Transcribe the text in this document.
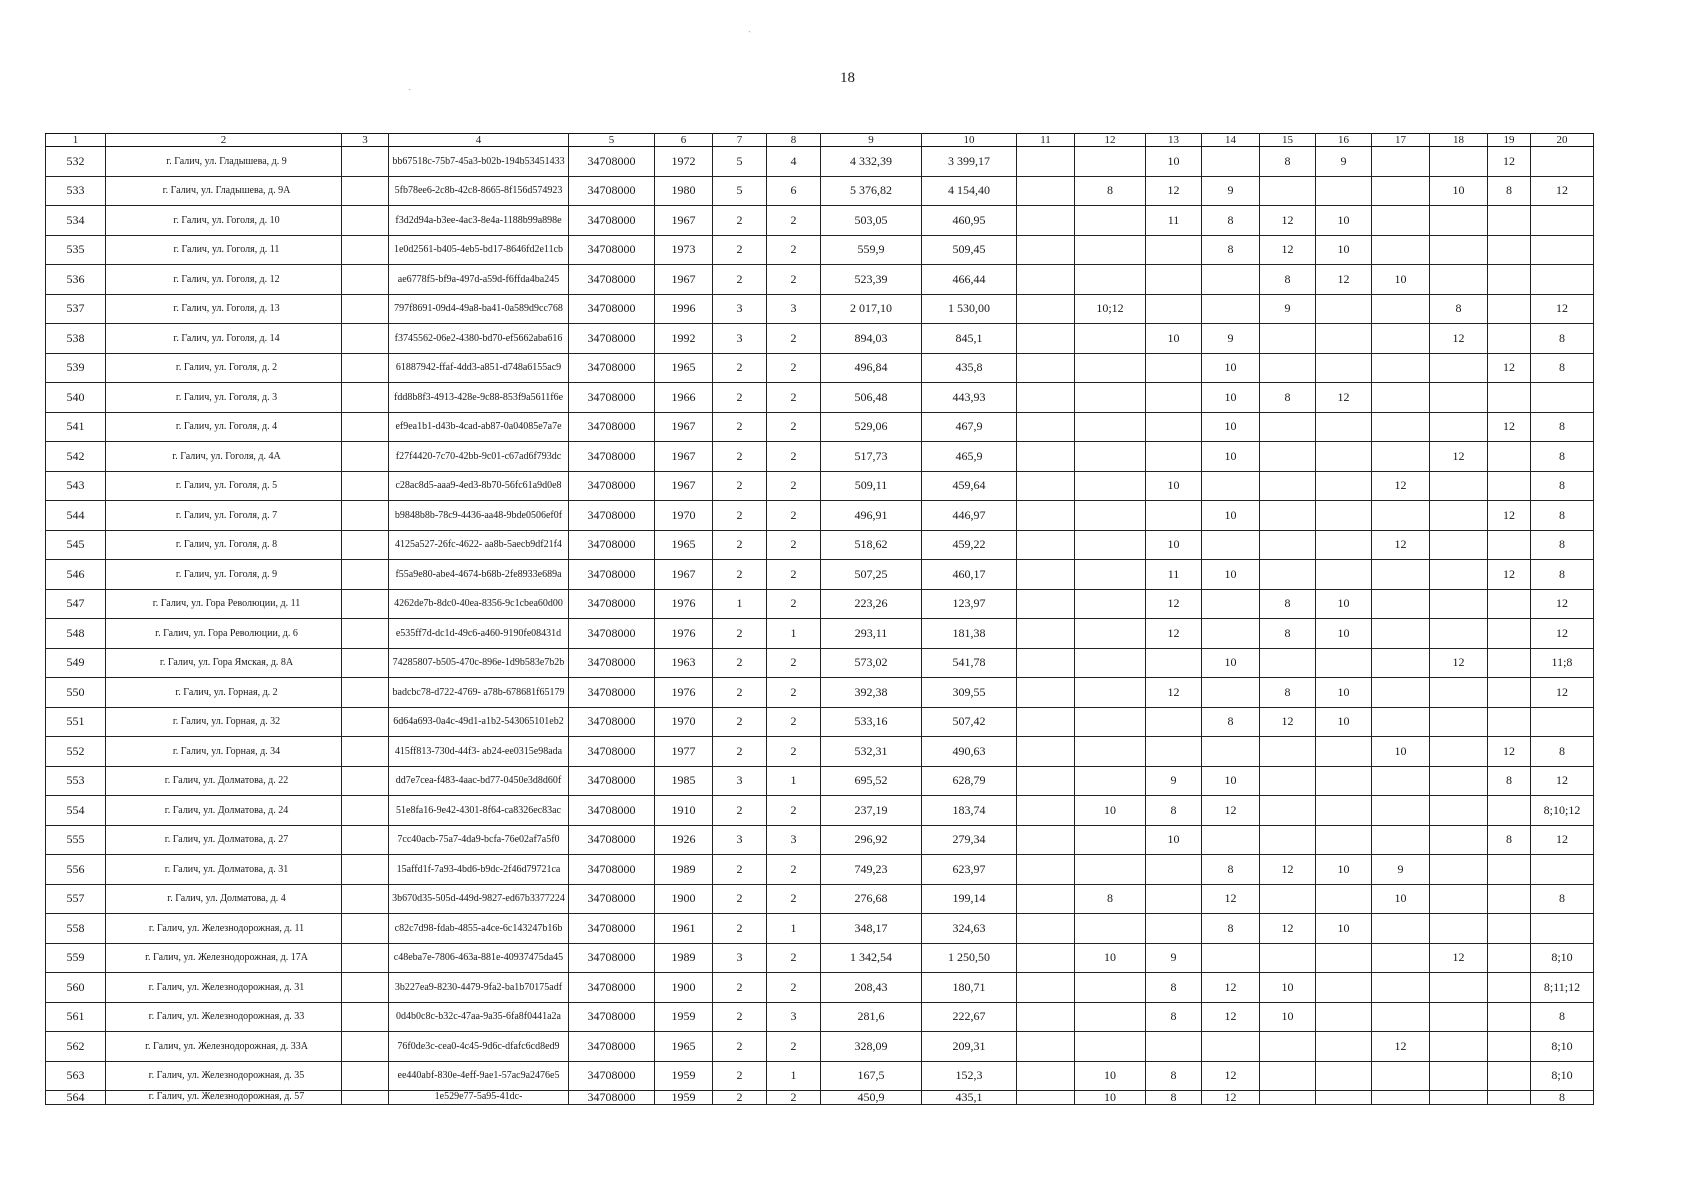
18
ˎ
ˎ
1	2	3	4	5	6	7	8	9	10	11	12	13	14	15	16	17	18	19	20
532	г. Галич, ул. Гладышева, д. 9		bb67518c-75b7-45a3-b02b-194b53451433	34708000	1972	5	4	4 332,39	3 399,17			10		8	9			12	
533	г. Галич, ул. Гладышева, д. 9А		5fb78ee6-2c8b-42c8-8665-8f156d574923	34708000	1980	5	6	5 376,82	4 154,40		8	12	9				10	8	12
534	г. Галич, ул. Гоголя, д. 10		f3d2d94a-b3ee-4ac3-8e4a-1188b99a898e	34708000	1967	2	2	503,05	460,95			11	8	12	10				
535	г. Галич, ул. Гоголя, д. 11		1e0d2561-b405-4eb5-bd17-8646fd2e11cb	34708000	1973	2	2	559,9	509,45				8	12	10				
536	г. Галич, ул. Гоголя, д. 12		ae6778f5-bf9a-497d-a59d-f6ffda4ba245	34708000	1967	2	2	523,39	466,44					8	12	10			
537	г. Галич, ул. Гоголя, д. 13		797f8691-09d4-49a8-ba41-0a589d9cc768	34708000	1996	3	3	2 017,10	1 530,00		10;12			9			8		12
538	г. Галич, ул. Гоголя, д. 14		f3745562-06e2-4380-bd70-ef5662aba616	34708000	1992	3	2	894,03	845,1			10	9				12		8
539	г. Галич, ул. Гоголя, д. 2		61887942-ffaf-4dd3-a851-d748a6155ac9	34708000	1965	2	2	496,84	435,8				10					12	8
540	г. Галич, ул. Гоголя, д. 3		fdd8b8f3-4913-428e-9c88-853f9a5611f6e	34708000	1966	2	2	506,48	443,93				10	8	12				
541	г. Галич, ул. Гоголя, д. 4		ef9ea1b1-d43b-4cad-ab87-0a04085e7a7e	34708000	1967	2	2	529,06	467,9				10					12	8
542	г. Галич, ул. Гоголя, д. 4А		f27f4420-7c70-42bb-9c01-c67ad6f793dc	34708000	1967	2	2	517,73	465,9				10				12		8
543	г. Галич, ул. Гоголя, д. 5		c28ac8d5-aaa9-4ed3-8b70-56fc61a9d0e8	34708000	1967	2	2	509,11	459,64			10				12			8
544	г. Галич, ул. Гоголя, д. 7		b9848b8b-78c9-4436-aa48-9bde0506ef0f	34708000	1970	2	2	496,91	446,97				10					12	8
545	г. Галич, ул. Гоголя, д. 8		4125a527-26fc-4622- aa8b-5aecb9df21f4	34708000	1965	2	2	518,62	459,22			10				12			8
546	г. Галич, ул. Гоголя, д. 9		f55a9e80-abe4-4674-b68b-2fe8933e689a	34708000	1967	2	2	507,25	460,17			11	10					12	8
547	г. Галич, ул. Гора Революции, д. 11		4262de7b-8dc0-40ea-8356-9c1cbea60d00	34708000	1976	1	2	223,26	123,97			12		8	10				12
548	г. Галич, ул. Гора Революции, д. 6		e535ff7d-dc1d-49c6-a460-9190fe08431d	34708000	1976	2	1	293,11	181,38			12		8	10				12
549	г. Галич, ул. Гора Ямская, д. 8А		74285807-b505-470c-896e-1d9b583e7b2b	34708000	1963	2	2	573,02	541,78				10				12		11;8
550	г. Галич, ул. Горная, д. 2		badcbc78-d722-4769- a78b-678681f65179	34708000	1976	2	2	392,38	309,55			12		8	10				12
551	г. Галич, ул. Горная, д. 32		6d64a693-0a4c-49d1-a1b2-543065101eb2	34708000	1970	2	2	533,16	507,42				8	12	10				
552	г. Галич, ул. Горная, д. 34		415ff813-730d-44f3- ab24-ee0315e98ada	34708000	1977	2	2	532,31	490,63							10		12	8
553	г. Галич, ул. Долматова, д. 22		dd7e7cea-f483-4aac-bd77-0450e3d8d60f	34708000	1985	3	1	695,52	628,79			9	10					8	12
554	г. Галич, ул. Долматова, д. 24		51e8fa16-9e42-4301-8f64-ca8326ec83ac	34708000	1910	2	2	237,19	183,74		10	8	12						8;10;12
555	г. Галич, ул. Долматова, д. 27		7cc40acb-75a7-4da9-bcfa-76e02af7a5f0	34708000	1926	3	3	296,92	279,34			10						8	12
556	г. Галич, ул. Долматова, д. 31		15affd1f-7a93-4bd6-b9dc-2f46d79721ca	34708000	1989	2	2	749,23	623,97				8	12	10	9			
557	г. Галич, ул. Долматова, д. 4		3b670d35-505d-449d-9827-ed67b3377224	34708000	1900	2	2	276,68	199,14		8		12			10			8
558	г. Галич, ул. Железнодорожная, д. 11		c82c7d98-fdab-4855-a4ce-6c143247b16b	34708000	1961	2	1	348,17	324,63				8	12	10				
559	г. Галич, ул. Железнодорожная, д. 17А		c48eba7e-7806-463a-881e-40937475da45	34708000	1989	3	2	1 342,54	1 250,50		10	9					12		8;10
560	г. Галич, ул. Железнодорожная, д. 31		3b227ea9-8230-4479-9fa2-ba1b70175adf	34708000	1900	2	2	208,43	180,71			8	12	10					8;11;12
561	г. Галич, ул. Железнодорожная, д. 33		0d4b0c8c-b32c-47aa-9a35-6fa8f0441a2a	34708000	1959	2	3	281,6	222,67			8	12	10					8
562	г. Галич, ул. Железнодорожная, д. 33А		76f0de3c-cea0-4c45-9d6c-dfafc6cd8ed9	34708000	1965	2	2	328,09	209,31							12			8;10
563	г. Галич, ул. Железнодорожная, д. 35		ee440abf-830e-4eff-9ae1-57ac9a2476e5	34708000	1959	2	1	167,5	152,3		10	8	12						8;10
564	г. Галич, ул. Железнодорожная, д. 57		1e529e77-5a95-41dc-	34708000	1959	2	2	450,9	435,1		10	8	12						8
